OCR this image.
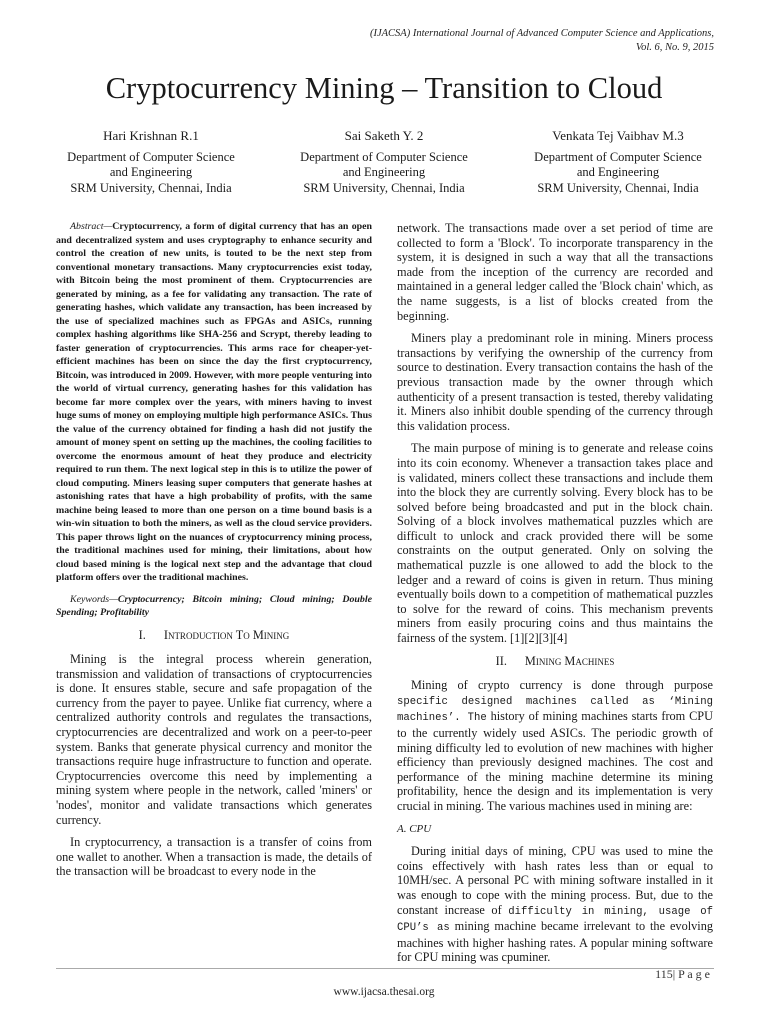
(IJACSA) International Journal of Advanced Computer Science and Applications,
Vol. 6, No. 9, 2015
Cryptocurrency Mining – Transition to Cloud
Hari Krishnan R.1
Department of Computer Science
and Engineering
SRM University, Chennai, India
Sai Saketh Y. 2
Department of Computer Science
and Engineering
SRM University, Chennai, India
Venkata Tej Vaibhav M.3
Department of Computer Science
and Engineering
SRM University, Chennai, India

Abstract—Cryptocurrency, a form of digital currency that has an open and decentralized system and uses cryptography to enhance security and control the creation of new units, is touted to be the next step from conventional monetary transactions. Many cryptocurrencies exist today, with Bitcoin being the most prominent of them. Cryptocurrencies are generated by mining, as a fee for validating any transaction. The rate of generating hashes, which validate any transaction, has been increased by the use of specialized machines such as FPGAs and ASICs, running complex hashing algorithms like SHA-256 and Scrypt, thereby leading to faster generation of cryptocurrencies. This arms race for cheaper-yet-efficient machines has been on since the day the first cryptocurrency, Bitcoin, was introduced in 2009. However, with more people venturing into the world of virtual currency, generating hashes for this validation has become far more complex over the years, with miners having to invest huge sums of money on employing multiple high performance ASICs. Thus the value of the currency obtained for finding a hash did not justify the amount of money spent on setting up the machines, the cooling facilities to overcome the enormous amount of heat they produce and electricity required to run them. The next logical step in this is to utilize the power of cloud computing. Miners leasing super computers that generate hashes at astonishing rates that have a high probability of profits, with the same machine being leased to more than one person on a time bound basis is a win-win situation to both the miners, as well as the cloud service providers. This paper throws light on the nuances of cryptocurrency mining process, the traditional machines used for mining, their limitations, about how cloud based mining is the logical next step and the advantage that cloud platform offers over the traditional machines.

Keywords—Cryptocurrency; Bitcoin mining; Cloud mining; Double Spending; Profitability

I. Introduction To Mining

Mining is the integral process wherein generation, transmission and validation of transactions of cryptocurrencies is done. It ensures stable, secure and safe propagation of the currency from the payer to payee. Unlike fiat currency, where a centralized authority controls and regulates the transactions, cryptocurrencies are decentralized and work on a peer-to-peer system. Banks that generate physical currency and monitor the transactions require huge infrastructure to function and operate. Cryptocurrencies overcome this need by implementing a mining system where people in the network, called 'miners' or 'nodes', monitor and validate transactions which generates currency.

In cryptocurrency, a transaction is a transfer of coins from one wallet to another. When a transaction is made, the details of the transaction will be broadcast to every node in the

network. The transactions made over a set period of time are collected to form a 'Block'. To incorporate transparency in the system, it is designed in such a way that all the transactions made from the inception of the currency are recorded and maintained in a general ledger called the 'Block chain' which, as the name suggests, is a list of blocks created from the beginning.

Miners play a predominant role in mining. Miners process transactions by verifying the ownership of the currency from source to destination. Every transaction contains the hash of the previous transaction made by the owner through which authenticity of a present transaction is tested, thereby validating it. Miners also inhibit double spending of the currency through this validation process.

The main purpose of mining is to generate and release coins into its coin economy. Whenever a transaction takes place and is validated, miners collect these transactions and include them into the block they are currently solving. Every block has to be solved before being broadcasted and put in the block chain. Solving of a block involves mathematical puzzles which are difficult to unlock and crack provided there will be some constraints on the output generated. Only on solving the mathematical puzzle is one allowed to add the block to the ledger and a reward of coins is given in return. Thus mining eventually boils down to a competition of mathematical puzzles to solve for the reward of coins. This mechanism prevents miners from easily procuring coins and thus maintains the fairness of the system. [1][2][3][4]

II. Mining Machines

Mining of crypto currency is done through purpose specific designed machines called as ‘Mining machines’. The history of mining machines starts from CPU to the currently widely used ASICs. The periodic growth of mining difficulty led to evolution of new machines with higher efficiency than previously designed machines. The cost and performance of the mining machine determine its mining profitability, hence the design and its implementation is very crucial in mining. The various machines used in mining are:

A. CPU

During initial days of mining, CPU was used to mine the coins effectively with hash rates less than or equal to 10MH/sec. A personal PC with mining software installed in it was enough to cope with the mining process. But, due to the constant increase of difficulty in mining, usage of CPU’s as mining machine became irrelevant to the evolving machines with higher hashing rates. A popular mining software for CPU mining was cpuminer.

115| P a g e
www.ijacsa.thesai.org
